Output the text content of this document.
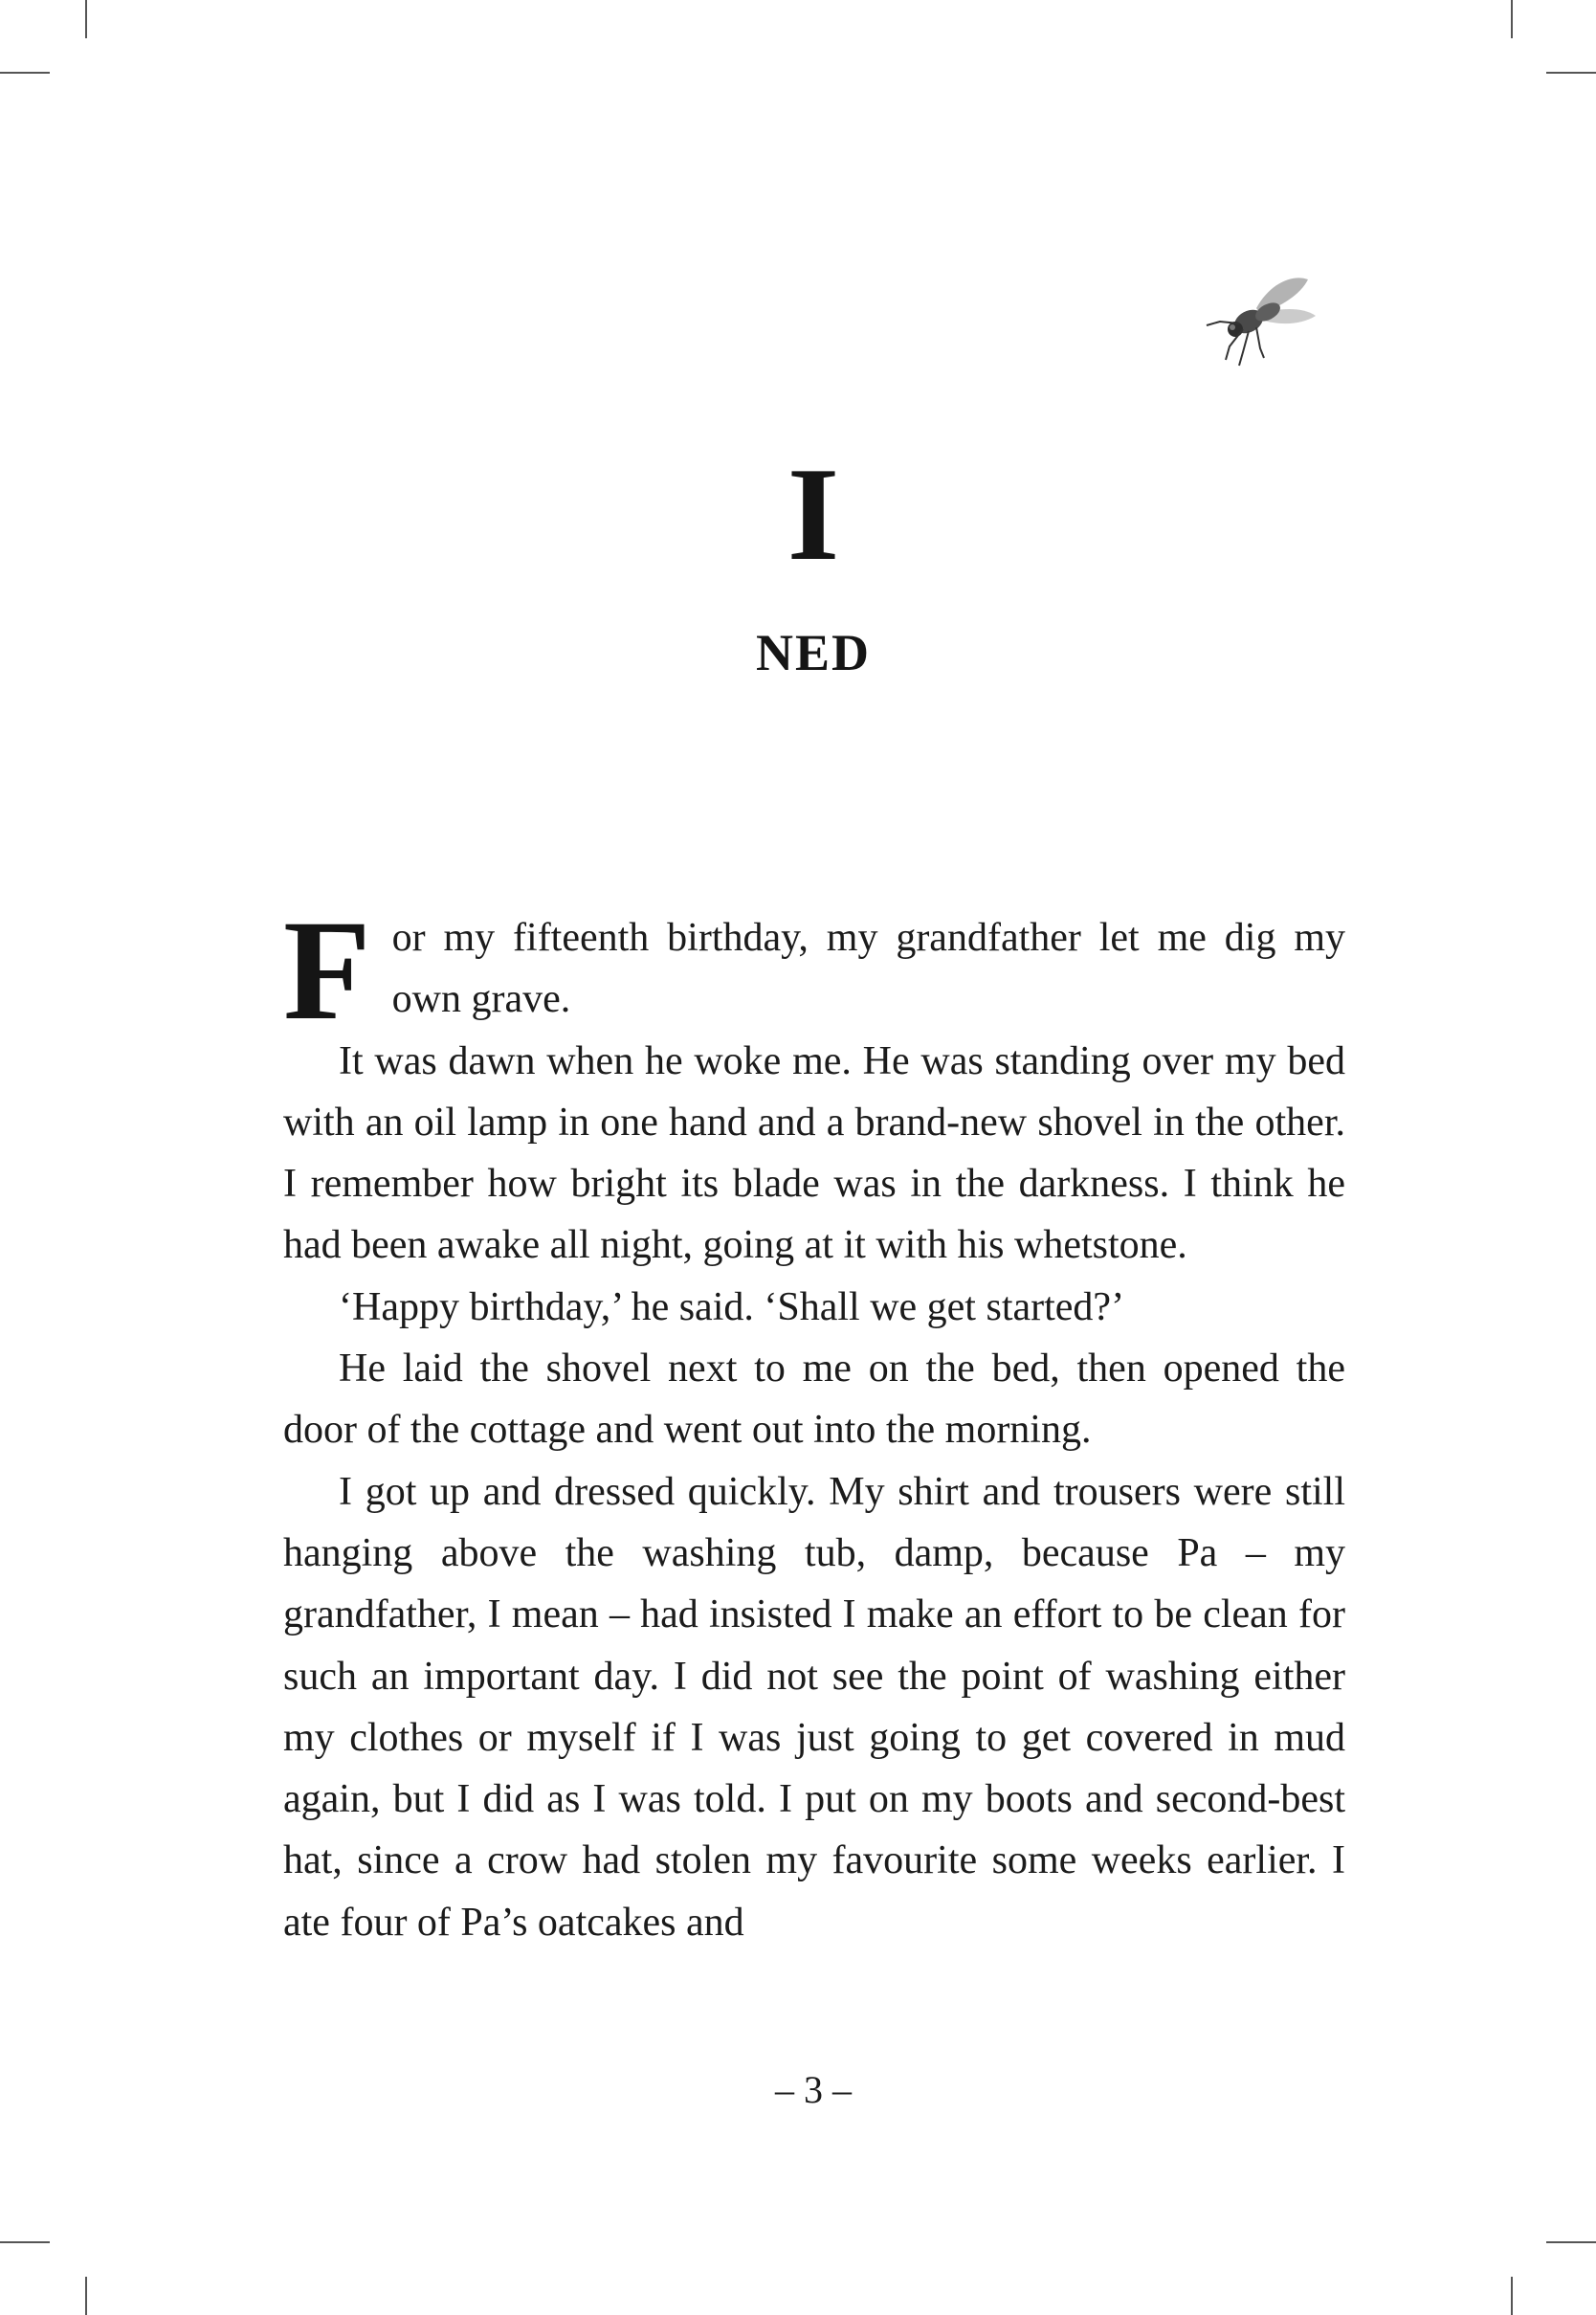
I
NED

For my fifteenth birthday, my grandfather let me dig my own grave.

It was dawn when he woke me. He was standing over my bed with an oil lamp in one hand and a brand-new shovel in the other. I remember how bright its blade was in the darkness. I think he had been awake all night, going at it with his whetstone.

‘Happy birthday,’ he said. ‘Shall we get started?’

He laid the shovel next to me on the bed, then opened the door of the cottage and went out into the morning.

I got up and dressed quickly. My shirt and trousers were still hanging above the washing tub, damp, because Pa – my grandfather, I mean – had insisted I make an effort to be clean for such an important day. I did not see the point of washing either my clothes or myself if I was just going to get covered in mud again, but I did as I was told. I put on my boots and second-best hat, since a crow had stolen my favourite some weeks earlier. I ate four of Pa’s oatcakes and

– 3 –
